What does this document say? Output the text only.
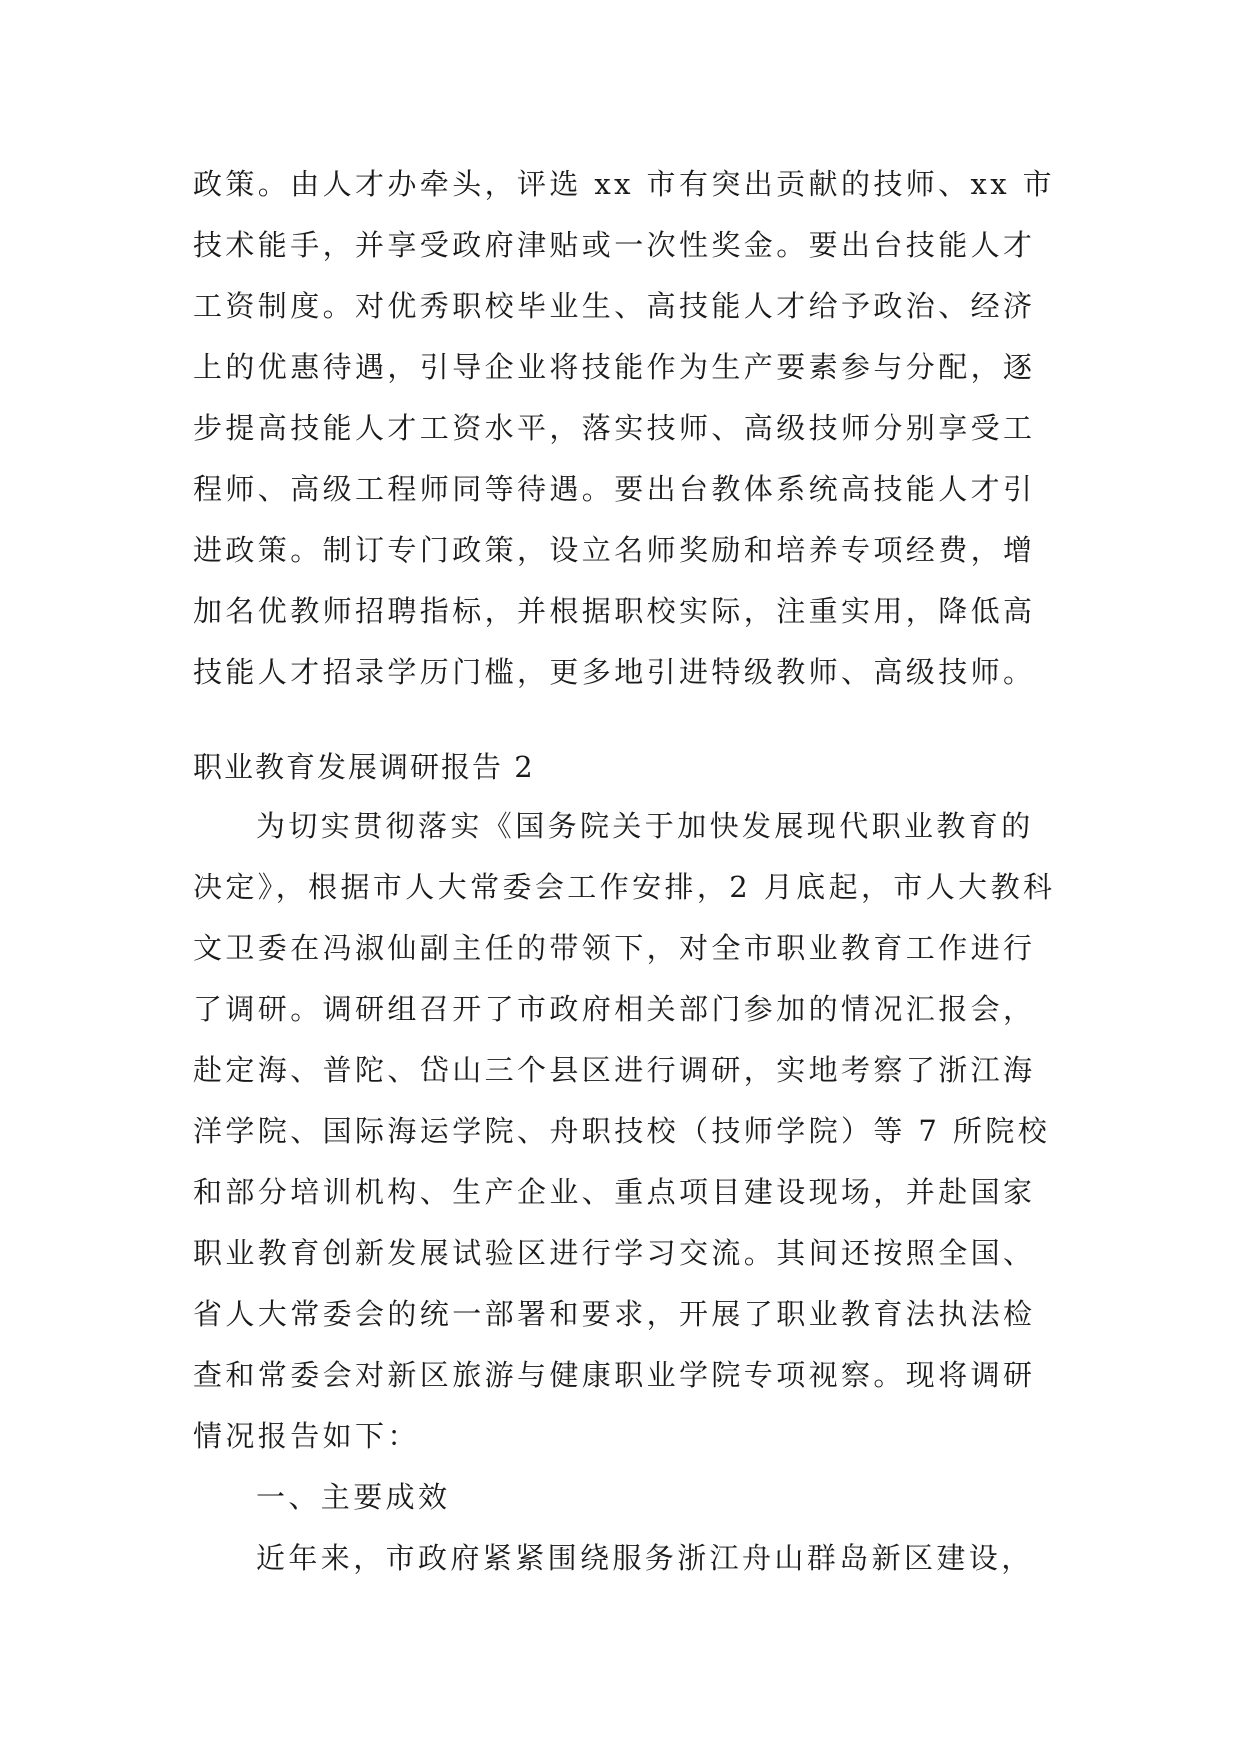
政策。由人才办牵头，评选 xx 市有突出贡献的技师、xx 市
技术能手，并享受政府津贴或一次性奖金。要出台技能人才
工资制度。对优秀职校毕业生、高技能人才给予政治、经济
上的优惠待遇，引导企业将技能作为生产要素参与分配，逐
步提高技能人才工资水平，落实技师、高级技师分别享受工
程师、高级工程师同等待遇。要出台教体系统高技能人才引
进政策。制订专门政策，设立名师奖励和培养专项经费，增
加名优教师招聘指标，并根据职校实际，注重实用，降低高
技能人才招录学历门槛，更多地引进特级教师、高级技师。
职业教育发展调研报告 2
为切实贯彻落实《国务院关于加快发展现代职业教育的
决定》，根据市人大常委会工作安排，2 月底起，市人大教科
文卫委在冯淑仙副主任的带领下，对全市职业教育工作进行
了调研。调研组召开了市政府相关部门参加的情况汇报会，
赴定海、普陀、岱山三个县区进行调研，实地考察了浙江海
洋学院、国际海运学院、舟职技校（技师学院）等 7 所院校
和部分培训机构、生产企业、重点项目建设现场，并赴国家
职业教育创新发展试验区进行学习交流。其间还按照全国、
省人大常委会的统一部署和要求，开展了职业教育法执法检
查和常委会对新区旅游与健康职业学院专项视察。现将调研
情况报告如下：
一、主要成效
近年来，市政府紧紧围绕服务浙江舟山群岛新区建设，
